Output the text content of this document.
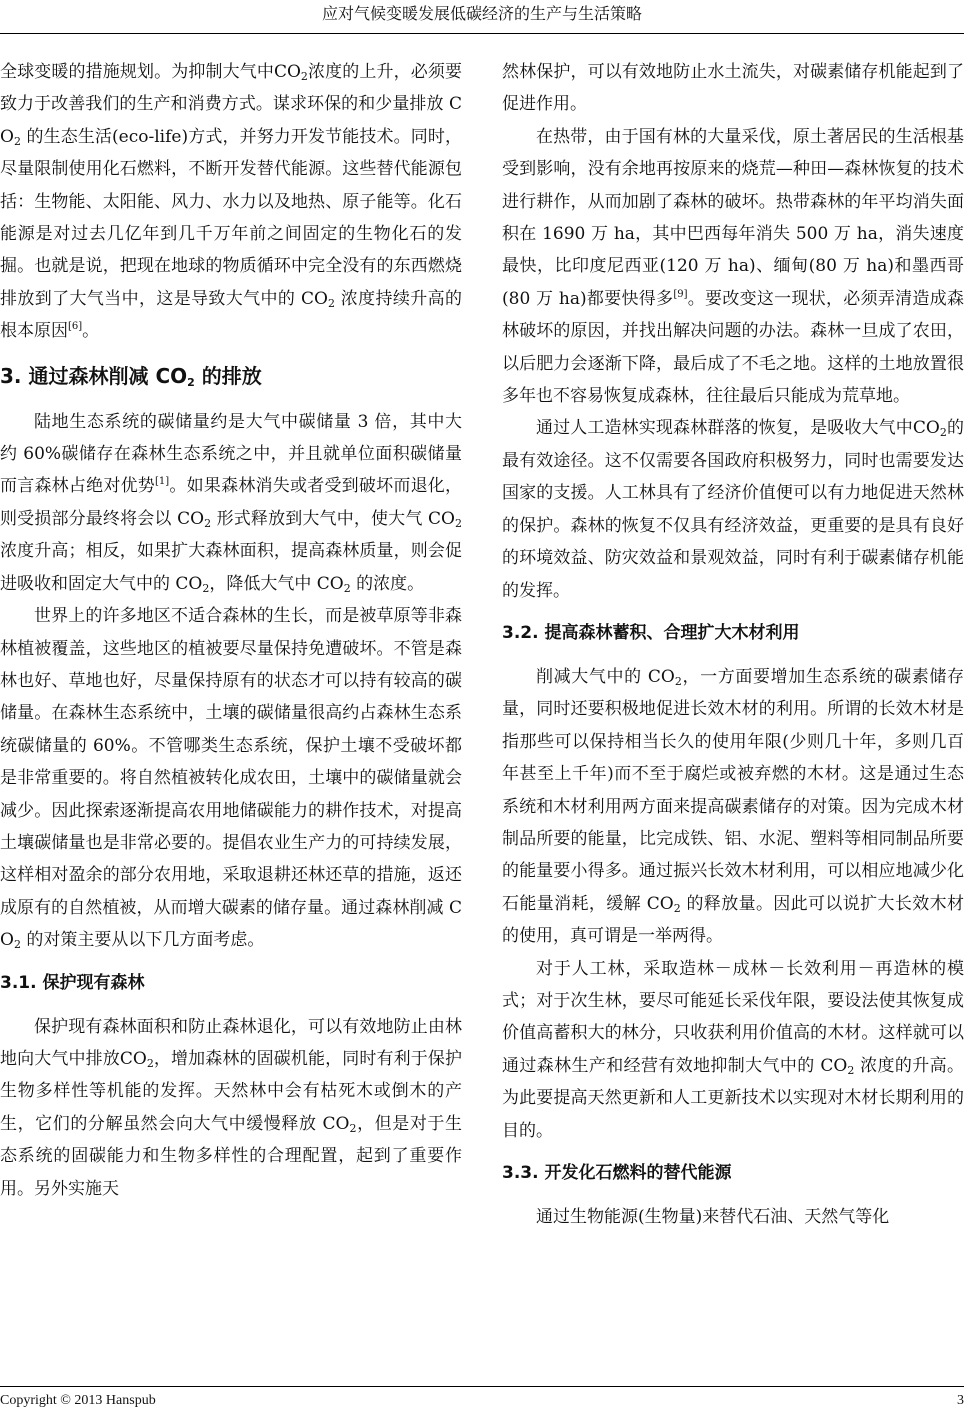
应对气候变暖发展低碳经济的生产与生活策略

全球变暖的措施规划。为抑制大气中$CO_2$浓度的上升，必须要致力于改善我们的生产和消费方式。谋求环保的和少量排放 $CO_2$ 的生态生活(eco-life)方式，并努力开发节能技术。同时，尽量限制使用化石燃料，不断开发替代能源。这些替代能源包括：生物能、太阳能、风力、水力以及地热、原子能等。化石能源是对过去几亿年到几千万年前之间固定的生物化石的发掘。也就是说，把现在地球的物质循环中完全没有的东西燃烧排放到了大气当中，这是导致大气中的 $CO_2$ 浓度持续升高的根本原因[6]。

3. 通过森林削减 $CO_2$ 的排放

陆地生态系统的碳储量约是大气中碳储量 3 倍，其中大约 60%碳储存在森林生态系统之中，并且就单位面积碳储量而言森林占绝对优势[1]。如果森林消失或者受到破坏而退化，则受损部分最终将会以 $CO_2$ 形式释放到大气中，使大气 $CO_2$ 浓度升高；相反，如果扩大森林面积，提高森林质量，则会促进吸收和固定大气中的 $CO_2$，降低大气中 $CO_2$ 的浓度。

世界上的许多地区不适合森林的生长，而是被草原等非森林植被覆盖，这些地区的植被要尽量保持免遭破坏。不管是森林也好、草地也好，尽量保持原有的状态才可以持有较高的碳储量。在森林生态系统中，土壤的碳储量很高约占森林生态系统碳储量的 60%。不管哪类生态系统，保护土壤不受破坏都是非常重要的。将自然植被转化成农田，土壤中的碳储量就会减少。因此探索逐渐提高农用地储碳能力的耕作技术，对提高土壤碳储量也是非常必要的。提倡农业生产力的可持续发展，这样相对盈余的部分农用地，采取退耕还林还草的措施，返还成原有的自然植被，从而增大碳素的储存量。通过森林削减 $CO_2$ 的对策主要从以下几方面考虑。

3.1. 保护现有森林

保护现有森林面积和防止森林退化，可以有效地防止由林地向大气中排放$CO_2$，增加森林的固碳机能，同时有利于保护生物多样性等机能的发挥。天然林中会有枯死木或倒木的产生，它们的分解虽然会向大气中缓慢释放 $CO_2$，但是对于生态系统的固碳能力和生物多样性的合理配置，起到了重要作用。另外实施天

然林保护，可以有效地防止水土流失，对碳素储存机能起到了促进作用。

在热带，由于国有林的大量采伐，原土著居民的生活根基受到影响，没有余地再按原来的烧荒—种田—森林恢复的技术进行耕作，从而加剧了森林的破坏。热带森林的年平均消失面积在 1690 万 ha，其中巴西每年消失 500 万 ha，消失速度最快，比印度尼西亚(120 万 ha)、缅甸(80 万 ha)和墨西哥(80 万 ha)都要快得多[9]。要改变这一现状，必须弄清造成森林破坏的原因，并找出解决问题的办法。森林一旦成了农田，以后肥力会逐渐下降，最后成了不毛之地。这样的土地放置很多年也不容易恢复成森林，往往最后只能成为荒草地。

通过人工造林实现森林群落的恢复，是吸收大气中$CO_2$的最有效途径。这不仅需要各国政府积极努力，同时也需要发达国家的支援。人工林具有了经济价值便可以有力地促进天然林的保护。森林的恢复不仅具有经济效益，更重要的是具有良好的环境效益、防灾效益和景观效益，同时有利于碳素储存机能的发挥。

3.2. 提高森林蓄积、合理扩大木材利用

削减大气中的 $CO_2$，一方面要增加生态系统的碳素储存量，同时还要积极地促进长效木材的利用。所谓的长效木材是指那些可以保持相当长久的使用年限(少则几十年，多则几百年甚至上千年)而不至于腐烂或被弃燃的木材。这是通过生态系统和木材利用两方面来提高碳素储存的对策。因为完成木材制品所要的能量，比完成铁、铝、水泥、塑料等相同制品所要的能量要小得多。通过振兴长效木材利用，可以相应地减少化石能量消耗，缓解 $CO_2$ 的释放量。因此可以说扩大长效木材的使用，真可谓是一举两得。

对于人工林，采取造林－成林－长效利用－再造林的模式；对于次生林，要尽可能延长采伐年限，要设法使其恢复成价值高蓄积大的林分，只收获利用价值高的木材。这样就可以通过森林生产和经营有效地抑制大气中的 $CO_2$ 浓度的升高。为此要提高天然更新和人工更新技术以实现对木材长期利用的目的。

3.3. 开发化石燃料的替代能源

通过生物能源(生物量)来替代石油、天然气等化

Copyright © 2013 Hanspub	3
